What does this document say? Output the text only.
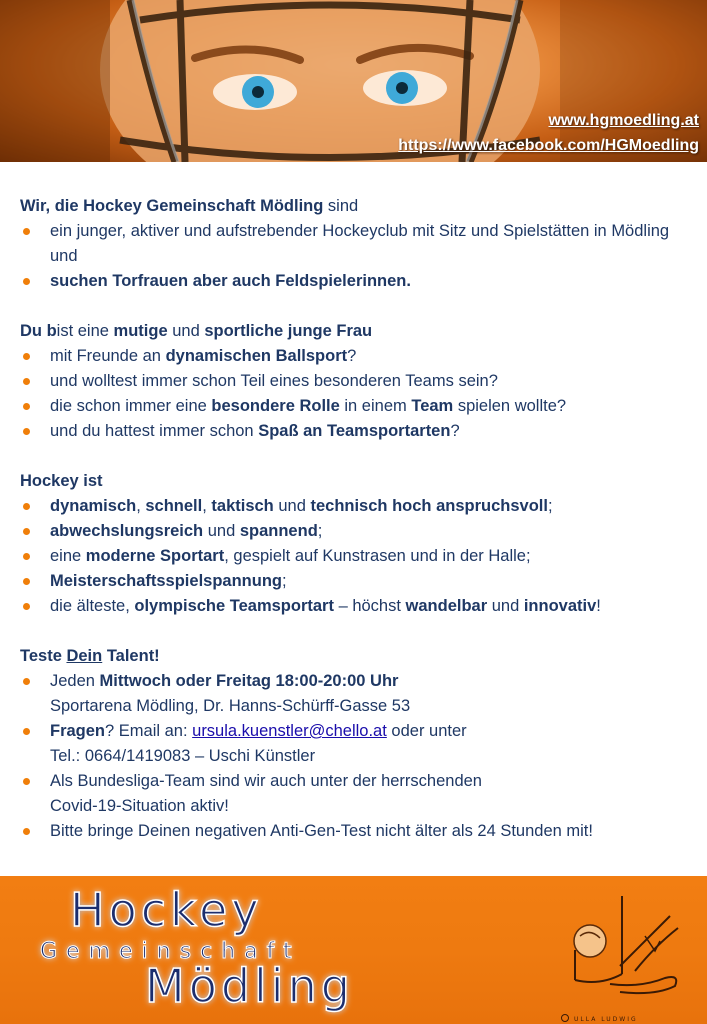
www.hgmoedling.at
https://www.facebook.com/HGMoedling
Wir, die Hockey Gemeinschaft Mödling sind
ein junger, aktiver und aufstrebender Hockeyclub mit Sitz und Spielstätten in Mödling und
suchen Torfrauen aber auch Feldspielerinnen.
Du bist eine mutige und sportliche junge Frau
mit Freunde an dynamischen Ballsport?
und wolltest immer schon Teil eines besonderen Teams sein?
die schon immer eine besondere Rolle in einem Team spielen wollte?
und du hattest immer schon Spaß an Teamsportarten?
Hockey ist
dynamisch, schnell, taktisch und technisch hoch anspruchsvoll;
abwechslungsreich und spannend;
eine moderne Sportart, gespielt auf Kunstrasen und in der Halle;
Meisterschaftsspielspannung;
die älteste, olympische Teamsportart – höchst wandelbar und innovativ!
Teste Dein Talent!
Jeden Mittwoch oder Freitag 18:00-20:00 Uhr
Sportarena Mödling, Dr. Hanns-Schürff-Gasse 53
Fragen? Email an: ursula.kuenstler@chello.at oder unter
Tel.: 0664/1419083 – Uschi Künstler
Als Bundesliga-Team sind wir auch unter der herrschenden
Covid-19-Situation aktiv!
Bitte bringe Deinen negativen Anti-Gen-Test nicht älter als 24 Stunden mit!
Hockey
Gemeinschaft
Mödling
ULLA LUDWIG
